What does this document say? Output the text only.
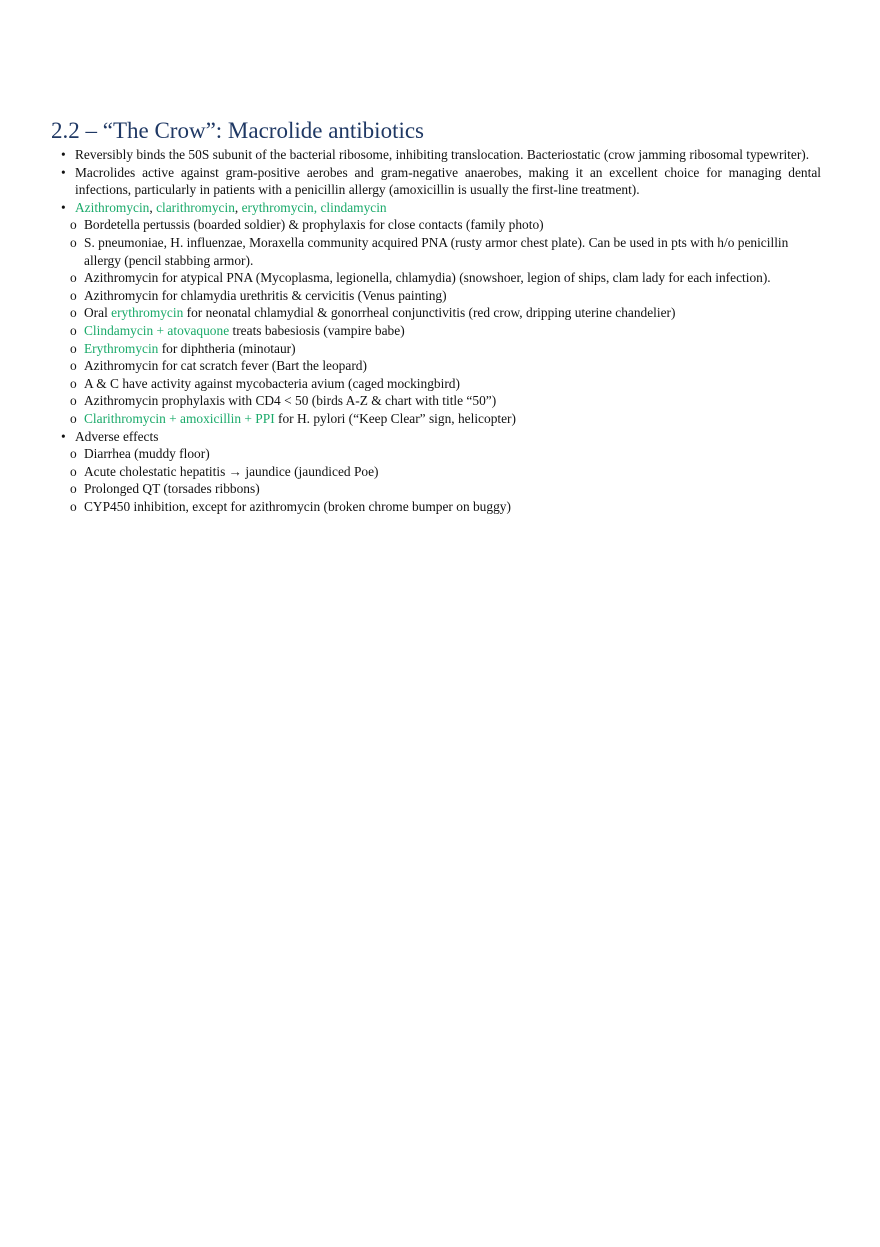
2.2 – “The Crow”: Macrolide antibiotics
• Reversibly binds the 50S subunit of the bacterial ribosome, inhibiting translocation. Bacteriostatic (crow jamming ribosomal typewriter).
• Macrolides active against gram-positive aerobes and gram-negative anaerobes, making it an excellent choice for managing dental infections, particularly in patients with a penicillin allergy (amoxicillin is usually the first-line treatment).
• Azithromycin, clarithromycin, erythromycin, clindamycin
o Bordetella pertussis (boarded soldier) & prophylaxis for close contacts (family photo)
o S. pneumoniae, H. influenzae, Moraxella community acquired PNA (rusty armor chest plate). Can be used in pts with h/o penicillin allergy (pencil stabbing armor).
o Azithromycin for atypical PNA (Mycoplasma, legionella, chlamydia) (snowshoer, legion of ships, clam lady for each infection).
o Azithromycin for chlamydia urethritis & cervicitis (Venus painting)
o Oral erythromycin for neonatal chlamydial & gonorrheal conjunctivitis (red crow, dripping uterine chandelier)
o Clindamycin + atovaquone treats babesiosis (vampire babe)
o Erythromycin for diphtheria (minotaur)
o Azithromycin for cat scratch fever (Bart the leopard)
o A & C have activity against mycobacteria avium (caged mockingbird)
o Azithromycin prophylaxis with CD4 < 50 (birds A-Z & chart with title “50”)
o Clarithromycin + amoxicillin + PPI for H. pylori (“Keep Clear” sign, helicopter)
• Adverse effects
o Diarrhea (muddy floor)
o Acute cholestatic hepatitis → jaundice (jaundiced Poe)
o Prolonged QT (torsades ribbons)
o CYP450 inhibition, except for azithromycin (broken chrome bumper on buggy)
